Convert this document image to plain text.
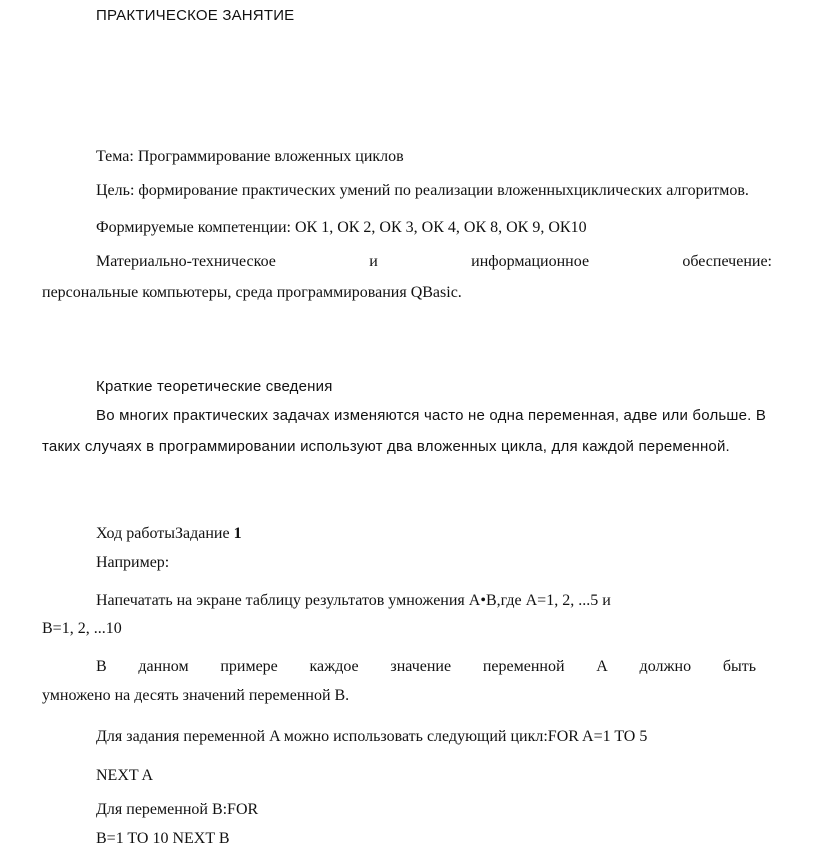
ПРАКТИЧЕСКОЕ ЗАНЯТИЕ
Тема: Программирование вложенных циклов
Цель: формирование практических умений по реализации вложенныхциклических алгоритмов.
Формируемые компетенции: ОК 1, ОК 2, ОК 3, ОК 4, ОК 8, ОК 9, ОК10
Материально-техническое	и	информационное	обеспечение:
персональные компьютеры, среда программирования QBasic.
Краткие теоретические сведения
Во многих практических задачах изменяются часто не одна переменная, адве или больше. В
таких случаях в программировании используют два вложенных цикла, для каждой переменной.
Ход работыЗадание 1
Например:
Напечатать на экране таблицу результатов умножения A•B,где A=1, 2, ...5 и
B=1, 2, ...10
В данном примере каждое значение переменной A должно быть
умножено на десять значений переменной B.
Для задания переменной A можно использовать следующий цикл:FOR A=1 TO 5
NEXT A
Для переменной B:FOR
B=1 TO 10 NEXT B
